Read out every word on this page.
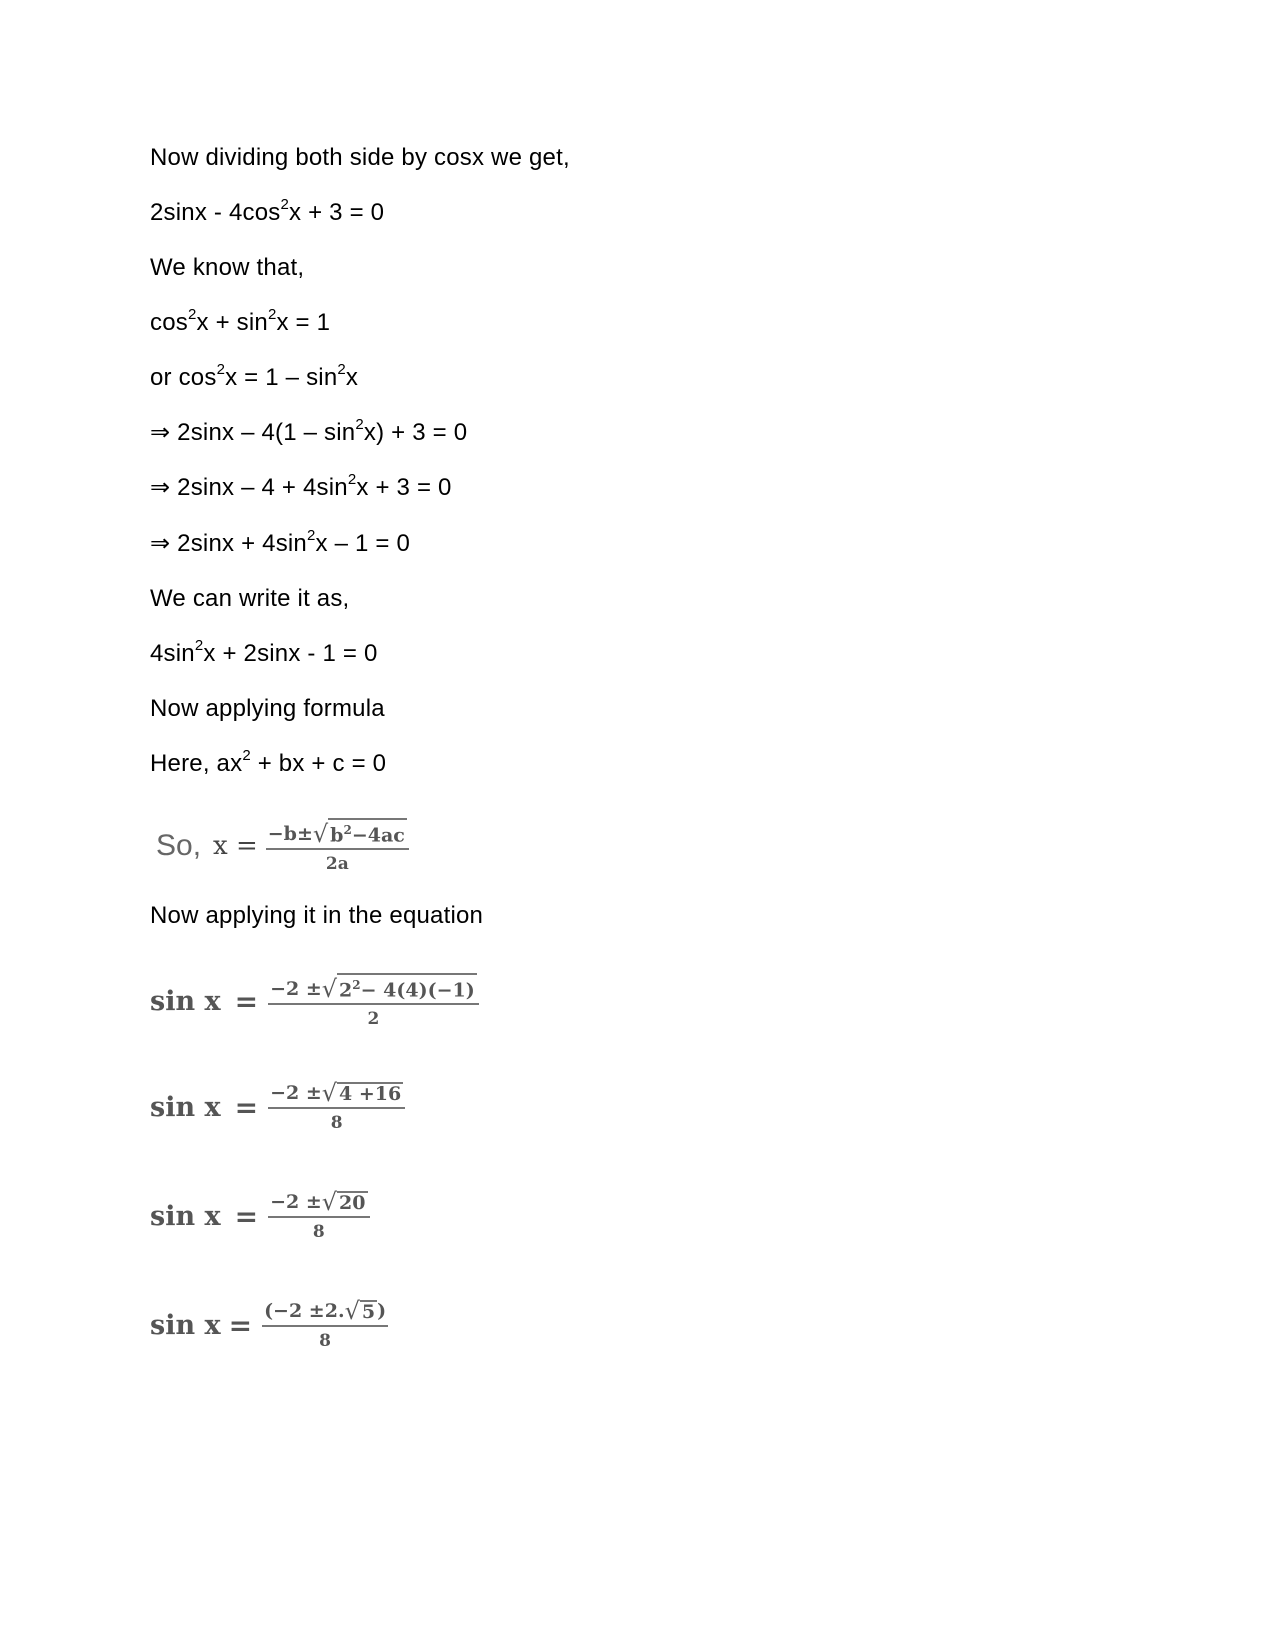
Now dividing both side by cosx we get,
$2\sin x - 4\cos^2x + 3 = 0$
We know that,
$\cos^2x + \sin^2x = 1$
or $\cos^2x = 1 - \sin^2x$
⇒ $2\sin x - 4(1 - \sin^2x) + 3 = 0$
⇒ $2\sin x - 4 + 4\sin^2x + 3 = 0$
⇒ $2\sin x + 4\sin^2x - 1 = 0$
We can write it as,
$4\sin^2x + 2\sin x - 1 = 0$
Now applying formula
Here, $ax^2$ + bx + c = 0
So, $x = \frac{-b\pm √ b^2-4ac}{2a}$
Now applying it in the equation
$\sin x = \frac{-2 \pm √ 2^2- 4(4)(-1)}{2}$
$\sin x = \frac{-2 \pm √ 4 +16}{8}$
$\sin x = \frac{-2 \pm √ 20}{8}$
$\sin x = \frac{(-2 \pm 2. √ 5 )}{8}$
